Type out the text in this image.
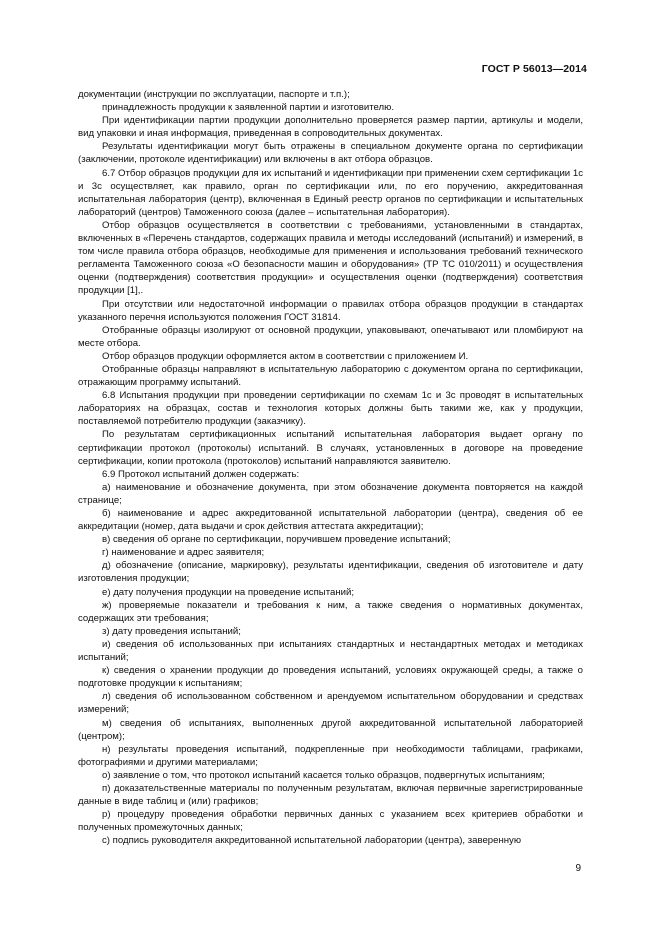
ГОСТ Р 56013—2014

документации (инструкции по эксплуатации, паспорте и т.п.);

принадлежность продукции к заявленной партии и изготовителю.

При идентификации партии продукции дополнительно проверяется размер партии, артикулы и модели, вид упаковки и иная информация, приведенная в сопроводительных документах.

Результаты идентификации могут быть отражены в специальном документе органа по сертификации (заключении, протоколе идентификации) или включены в акт отбора образцов.

6.7 Отбор образцов продукции для их испытаний и идентификации при применении схем сертификации 1с и 3с осуществляет, как правило, орган по сертификации или, по его поручению, аккредитованная испытательная лаборатория (центр), включенная в Единый реестр органов по сертификации и испытательных лабораторий (центров) Таможенного союза (далее – испытательная лаборатория).

Отбор образцов осуществляется в соответствии с требованиями, установленными в стандартах, включенных в «Перечень стандартов, содержащих правила и методы исследований (испытаний) и измерений, в том числе правила отбора образцов, необходимые для применения и использования требований технического регламента Таможенного союза «О безопасности машин и оборудования» (ТР ТС 010/2011) и осуществления оценки (подтверждения) соответствия продукции» и осуществления оценки (подтверждения) соответствия продукции [1],.

При отсутствии или недостаточной информации о правилах отбора образцов продукции в стандартах указанного перечня используются положения ГОСТ 31814.

Отобранные образцы изолируют от основной продукции, упаковывают, опечатывают или пломбируют на месте отбора.

Отбор образцов продукции оформляется актом в соответствии с приложением И.

Отобранные образцы направляют в испытательную лабораторию с документом органа по сертификации, отражающим программу испытаний.

6.8 Испытания продукции при проведении сертификации по схемам 1с и 3с проводят в испытательных лабораториях на образцах, состав и технология которых должны быть такими же, как у продукции, поставляемой потребителю продукции (заказчику).

По результатам сертификационных испытаний испытательная лаборатория выдает органу по сертификации протокол (протоколы) испытаний. В случаях, установленных в договоре на проведение сертификации, копии протокола (протоколов) испытаний направляются заявителю.

6.9 Протокол испытаний должен содержать:

а) наименование и обозначение документа, при этом обозначение документа повторяется на каждой странице;

б) наименование и адрес аккредитованной испытательной лаборатории (центра), сведения об ее аккредитации (номер, дата выдачи и срок действия аттестата аккредитации);

в) сведения об органе по сертификации, поручившем проведение испытаний;

г) наименование и адрес заявителя;

д) обозначение (описание, маркировку), результаты идентификации, сведения об изготовителе и дату изготовления продукции;

е) дату получения продукции на проведение испытаний;

ж) проверяемые показатели и требования к ним, а также сведения о нормативных документах, содержащих эти требования;

з) дату проведения испытаний;

и) сведения об использованных при испытаниях стандартных и нестандартных методах и методиках испытаний;

к) сведения о хранении продукции до проведения испытаний, условиях окружающей среды, а также о подготовке продукции к испытаниям;

л) сведения об использованном собственном и арендуемом испытательном оборудовании и средствах измерений;

м) сведения об испытаниях, выполненных другой аккредитованной испытательной лабораторией (центром);

н) результаты проведения испытаний, подкрепленные при необходимости таблицами, графиками, фотографиями и другими материалами;

о) заявление о том, что протокол испытаний касается только образцов, подвергнутых испытаниям;

п) доказательственные материалы по полученным результатам, включая первичные зарегистрированные данные в виде таблиц и (или) графиков;

р) процедуру проведения обработки первичных данных с указанием всех критериев обработки и полученных промежуточных данных;

с) подпись руководителя аккредитованной испытательной лаборатории (центра), заверенную

9
